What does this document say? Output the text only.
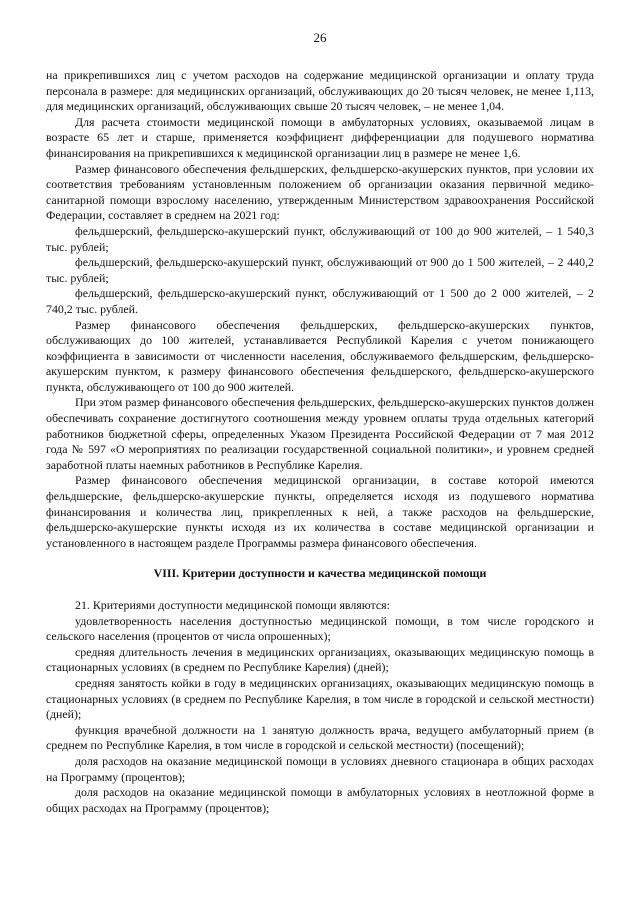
26

на прикрепившихся лиц с учетом расходов на содержание медицинской организации и оплату труда персонала в размере: для медицинских организаций, обслуживающих до 20 тысяч человек, не менее 1,113, для медицинских организаций, обслуживающих свыше 20 тысяч человек, – не менее 1,04.

Для расчета стоимости медицинской помощи в амбулаторных условиях, оказываемой лицам в возрасте 65 лет и старше, применяется коэффициент дифференциации для подушевого норматива финансирования на прикрепившихся к медицинской организации лиц в размере не менее 1,6.

Размер финансового обеспечения фельдшерских, фельдшерско-акушерских пунктов, при условии их соответствия требованиям установленным положением об организации оказания первичной медико-санитарной помощи взрослому населению, утвержденным Министерством здравоохранения Российской Федерации, составляет в среднем на 2021 год:

фельдшерский, фельдшерско-акушерский пункт, обслуживающий от 100 до 900 жителей, – 1 540,3 тыс. рублей;

фельдшерский, фельдшерско-акушерский пункт, обслуживающий от 900 до 1 500 жителей, – 2 440,2 тыс. рублей;

фельдшерский, фельдшерско-акушерский пункт, обслуживающий от 1 500 до 2 000 жителей, – 2 740,2 тыс. рублей.

Размер финансового обеспечения фельдшерских, фельдшерско-акушерских пунктов, обслуживающих до 100 жителей, устанавливается Республикой Карелия с учетом понижающего коэффициента в зависимости от численности населения, обслуживаемого фельдшерским, фельдшерско-акушерским пунктом, к размеру финансового обеспечения фельдшерского, фельдшерско-акушерского пункта, обслуживающего от 100 до 900 жителей.

При этом размер финансового обеспечения фельдшерских, фельдшерско-акушерских пунктов должен обеспечивать сохранение достигнутого соотношения между уровнем оплаты труда отдельных категорий работников бюджетной сферы, определенных Указом Президента Российской Федерации от 7 мая 2012 года № 597 «О мероприятиях по реализации государственной социальной политики», и уровнем средней заработной платы наемных работников в Республике Карелия.

Размер финансового обеспечения медицинской организации, в составе которой имеются фельдшерские, фельдшерско-акушерские пункты, определяется исходя из подушевого норматива финансирования и количества лиц, прикрепленных к ней, а также расходов на фельдшерские, фельдшерско-акушерские пункты исходя из их количества в составе медицинской организации и установленного в настоящем разделе Программы размера финансового обеспечения.

VIII. Критерии доступности и качества медицинской помощи

21. Критериями доступности медицинской помощи являются:

удовлетворенность населения доступностью медицинской помощи, в том числе городского и сельского населения (процентов от числа опрошенных);

средняя длительность лечения в медицинских организациях, оказывающих медицинскую помощь в стационарных условиях (в среднем по Республике Карелия) (дней);

средняя занятость койки в году в медицинских организациях, оказывающих медицинскую помощь в стационарных условиях (в среднем по Республике Карелия, в том числе в городской и сельской местности) (дней);

функция врачебной должности на 1 занятую должность врача, ведущего амбулаторный прием (в среднем по Республике Карелия, в том числе в городской и сельской местности) (посещений);

доля расходов на оказание медицинской помощи в условиях дневного стационара в общих расходах на Программу (процентов);

доля расходов на оказание медицинской помощи в амбулаторных условиях в неотложной форме в общих расходах на Программу (процентов);
